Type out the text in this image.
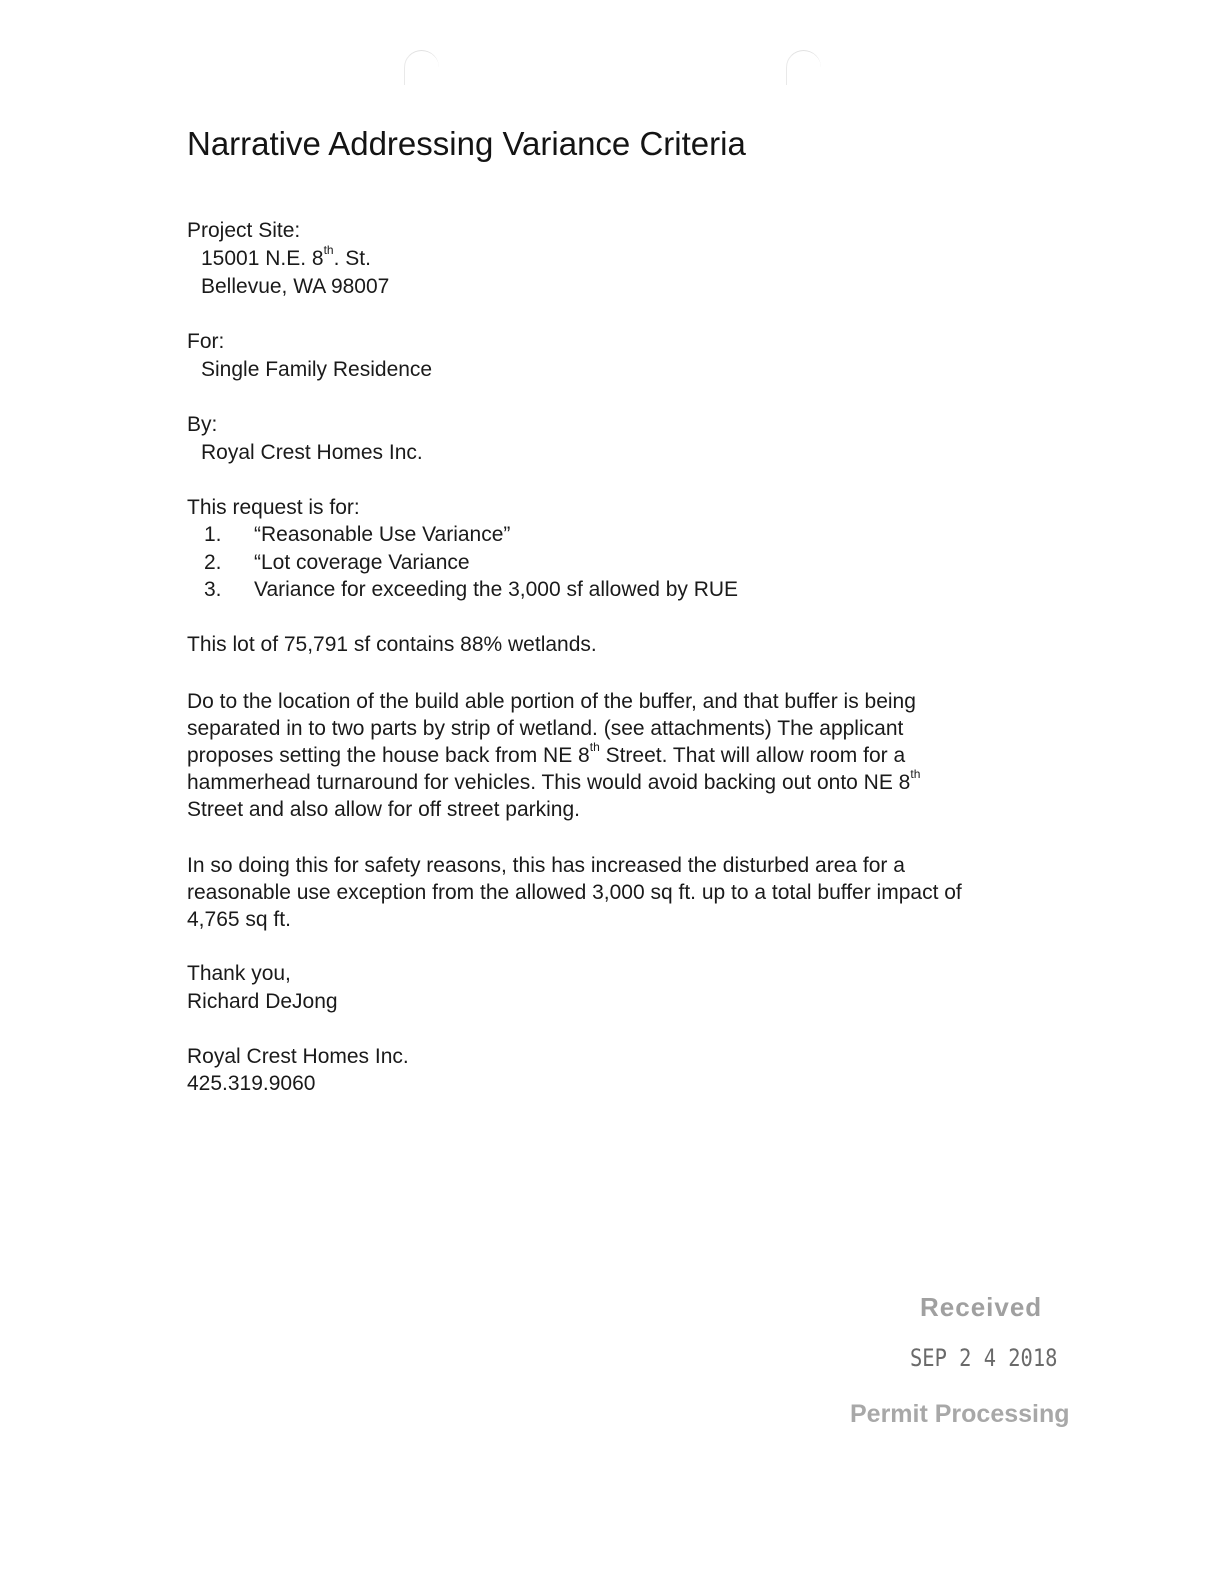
Narrative Addressing Variance Criteria
Project Site:
15001 N.E. 8th. St.
Bellevue, WA 98007
For:
Single Family Residence
By:
Royal Crest Homes Inc.
This request is for:
1. “Reasonable Use Variance”
2. “Lot coverage Variance
3. Variance for exceeding the 3,000 sf allowed by RUE
This lot of 75,791 sf contains 88% wetlands.

Do to the location of the build able portion of the buffer, and that buffer is being

separated in to two parts by strip of wetland. (see attachments) The applicant

proposes setting the house back from NE 8th Street. That will allow room for a

hammerhead turnaround for vehicles. This would avoid backing out onto NE 8th

Street and also allow for off street parking.

In so doing this for safety reasons, this has increased the disturbed area for a

reasonable use exception from the allowed 3,000 sq ft. up to a total buffer impact of

4,765 sq ft.

Thank you,
Richard DeJong
Royal Crest Homes Inc.
425.319.9060
Received
SEP 2 4 2018
Permit Processing
